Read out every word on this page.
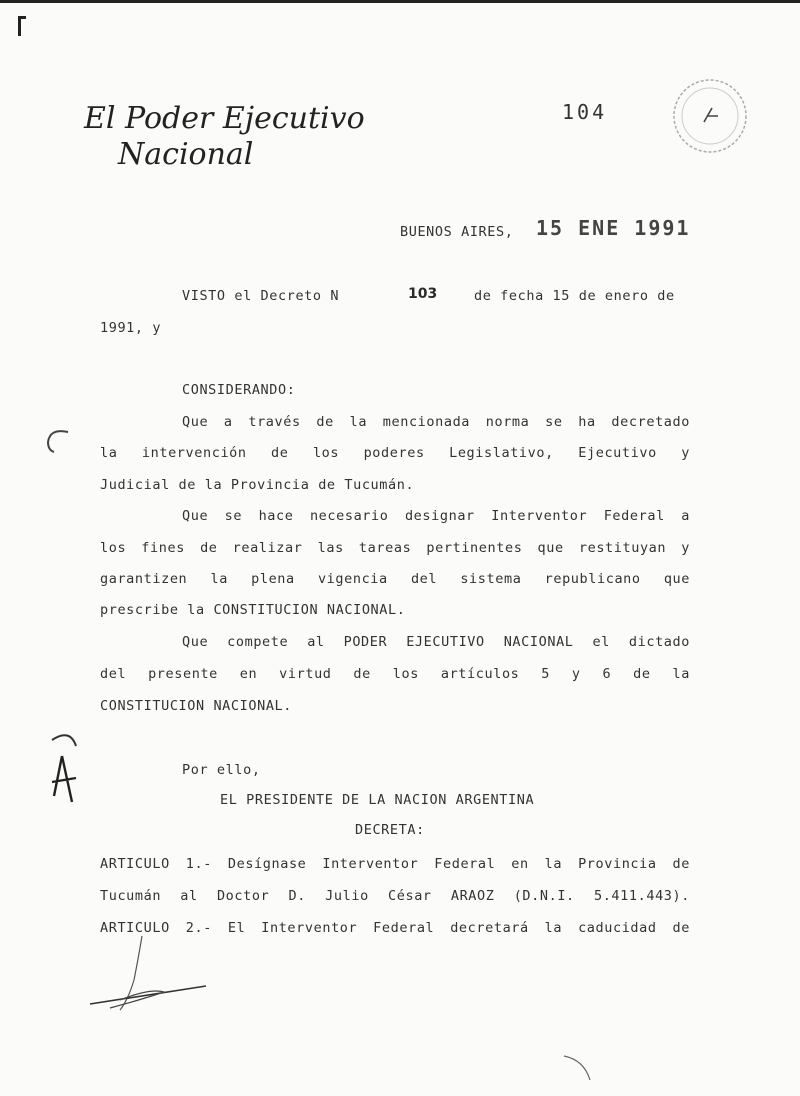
El Poder Ejecutivo
Nacional
104
BUENOS AIRES, 15 ENE 1991
VISTO el Decreto N	103	de fecha 15 de enero de
1991, y
CONSIDERANDO:
Que a través de la mencionada norma se ha decretado
la intervención de los poderes Legislativo, Ejecutivo y
Judicial de la Provincia de Tucumán.
Que se hace necesario designar Interventor Federal a
los fines de realizar las tareas pertinentes que restituyan y
garantizen la plena vigencia del sistema republicano que
prescribe la CONSTITUCION NACIONAL.
Que compete al PODER EJECUTIVO NACIONAL el dictado
del presente en virtud de los artículos 5 y 6 de la
CONSTITUCION NACIONAL.
Por ello,
EL PRESIDENTE DE LA NACION ARGENTINA
DECRETA:
ARTICULO 1.- Desígnase Interventor Federal en la Provincia de
Tucumán al Doctor D. Julio César ARAOZ (D.N.I. 5.411.443).
ARTICULO 2.- El Interventor Federal decretará la caducidad de
